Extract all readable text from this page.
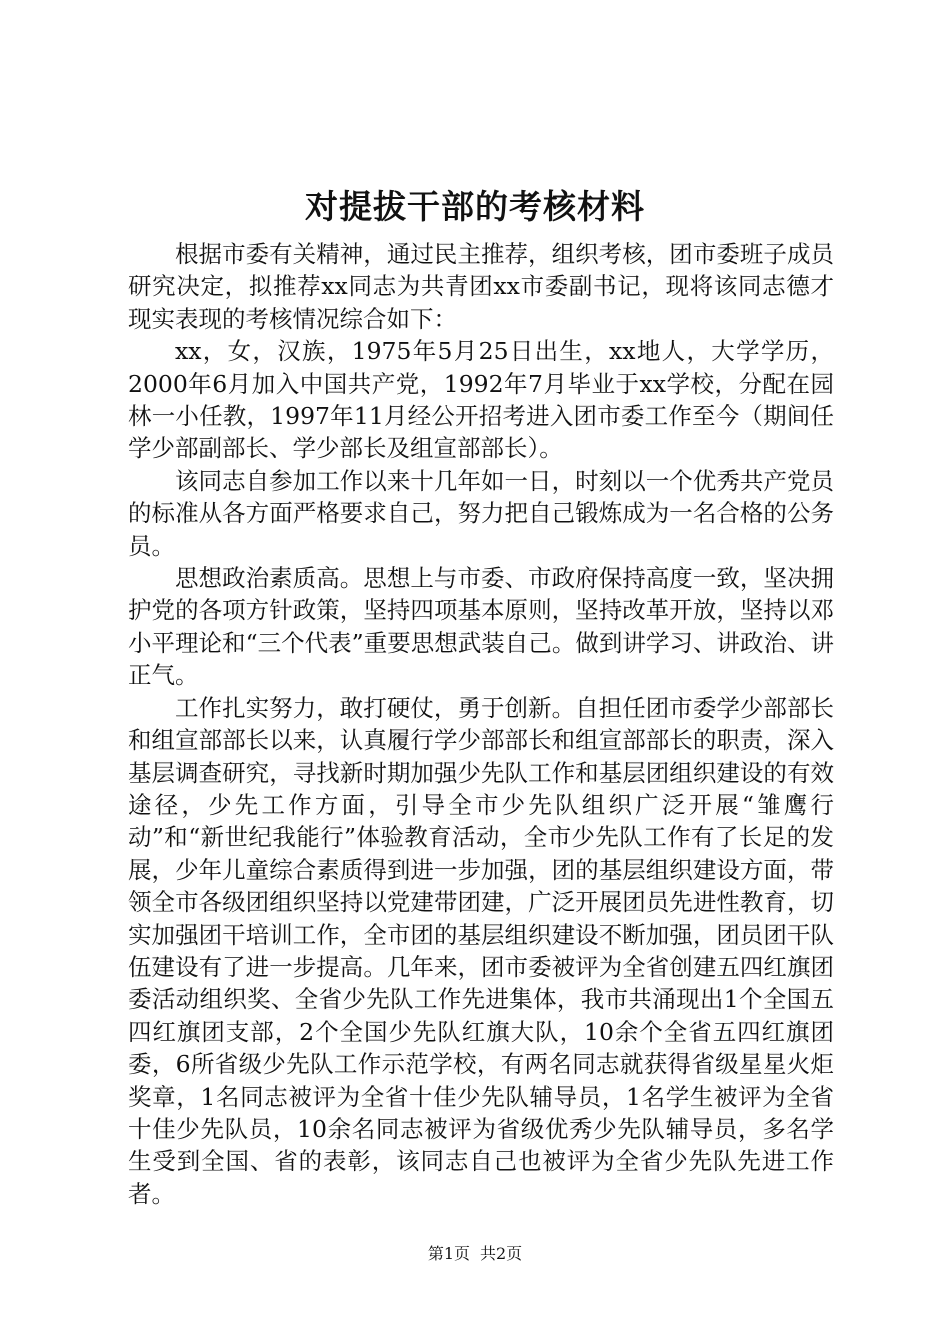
对提拔干部的考核材料

根据市委有关精神，通过民主推荐，组织考核，团市委班子成员研究决定，拟推荐xx同志为共青团xx市委副书记，现将该同志德才现实表现的考核情况综合如下：

xx，女，汉族，1975年5月25日出生，xx地人，大学学历，2000年6月加入中国共产党，1992年7月毕业于xx学校，分配在园林一小任教，1997年11月经公开招考进入团市委工作至今（期间任学少部副部长、学少部长及组宣部部长）。

该同志自参加工作以来十几年如一日，时刻以一个优秀共产党员的标准从各方面严格要求自己，努力把自己锻炼成为一名合格的公务员。

思想政治素质高。思想上与市委、市政府保持高度一致，坚决拥护党的各项方针政策，坚持四项基本原则，坚持改革开放，坚持以邓小平理论和“三个代表”重要思想武装自己。做到讲学习、讲政治、讲正气。

工作扎实努力，敢打硬仗，勇于创新。自担任团市委学少部部长和组宣部部长以来，认真履行学少部部长和组宣部部长的职责，深入基层调查研究，寻找新时期加强少先队工作和基层团组织建设的有效途径，少先工作方面，引导全市少先队组织广泛开展“雏鹰行动”和“新世纪我能行”体验教育活动，全市少先队工作有了长足的发展，少年儿童综合素质得到进一步加强，团的基层组织建设方面，带领全市各级团组织坚持以党建带团建，广泛开展团员先进性教育，切实加强团干培训工作，全市团的基层组织建设不断加强，团员团干队伍建设有了进一步提高。几年来，团市委被评为全省创建五四红旗团委活动组织奖、全省少先队工作先进集体，我市共涌现出1个全国五四红旗团支部，2个全国少先队红旗大队，10余个全省五四红旗团委，6所省级少先队工作示范学校，有两名同志就获得省级星星火炬奖章，1名同志被评为全省十佳少先队辅导员，1名学生被评为全省十佳少先队员，10余名同志被评为省级优秀少先队辅导员，多名学生受到全国、省的表彰，该同志自己也被评为全省少先队先进工作者。

第1页 共2页
